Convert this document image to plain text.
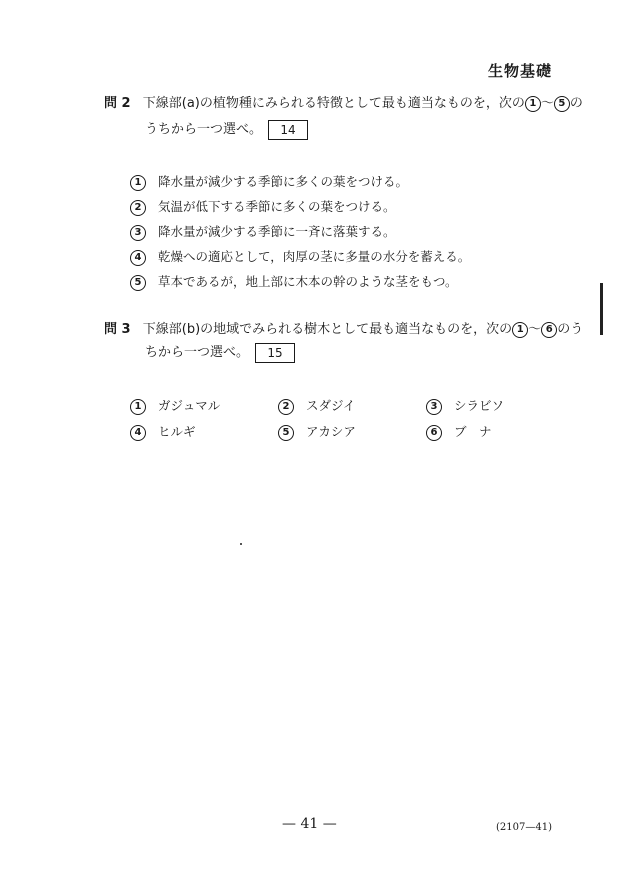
生物基礎
問 2 下線部(a)の植物種にみられる特徴として最も適当なものを，次の 1 ～ 5 の
うちから一つ選べ。 14
1 降水量が減少する季節に多くの葉をつける。
2 気温が低下する季節に多くの葉をつける。
3 降水量が減少する季節に一斉に落葉する。
4 乾燥への適応として，肉厚の茎に多量の水分を蓄える。
5 草本であるが，地上部に木本の幹のような茎をもつ。
問 3 下線部(b)の地域でみられる樹木として最も適当なものを，次の 1 ～ 6 のう
ちから一つ選べ。 15
1 ガジュマル	2 スダジイ	3 シラビソ
4 ヒルギ	5 アカシア	6 ブ　ナ
— 41 —	(2107—41)
